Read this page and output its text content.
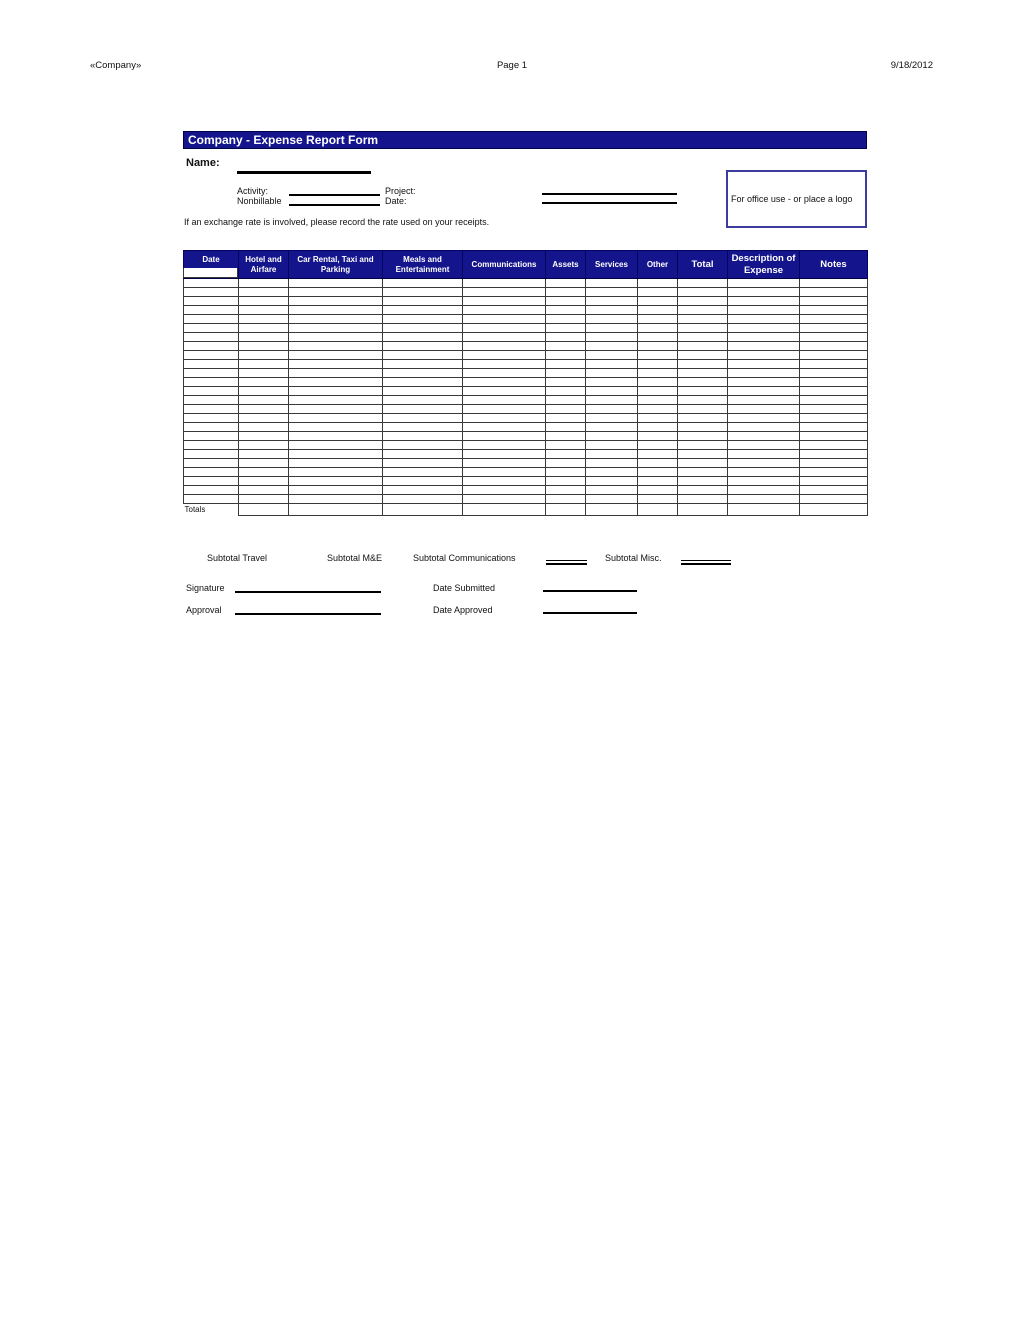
«Company»	Page 1	9/18/2012
Company - Expense Report Form
Name:
Activity:	Project:
Nonbillable	Date:
If an exchange rate is involved, please record the rate used on your receipts.
For office use - or place a logo
Date	Hotel and Airfare	Car Rental, Taxi and Parking	Meals and Entertainment	Communications	Assets	Services	Other	Total	Description of Expense	Notes

Totals										
Subtotal Travel	Subtotal M&E	Subtotal Communications	Subtotal Misc.
Signature	Date Submitted
Approval	Date Approved
